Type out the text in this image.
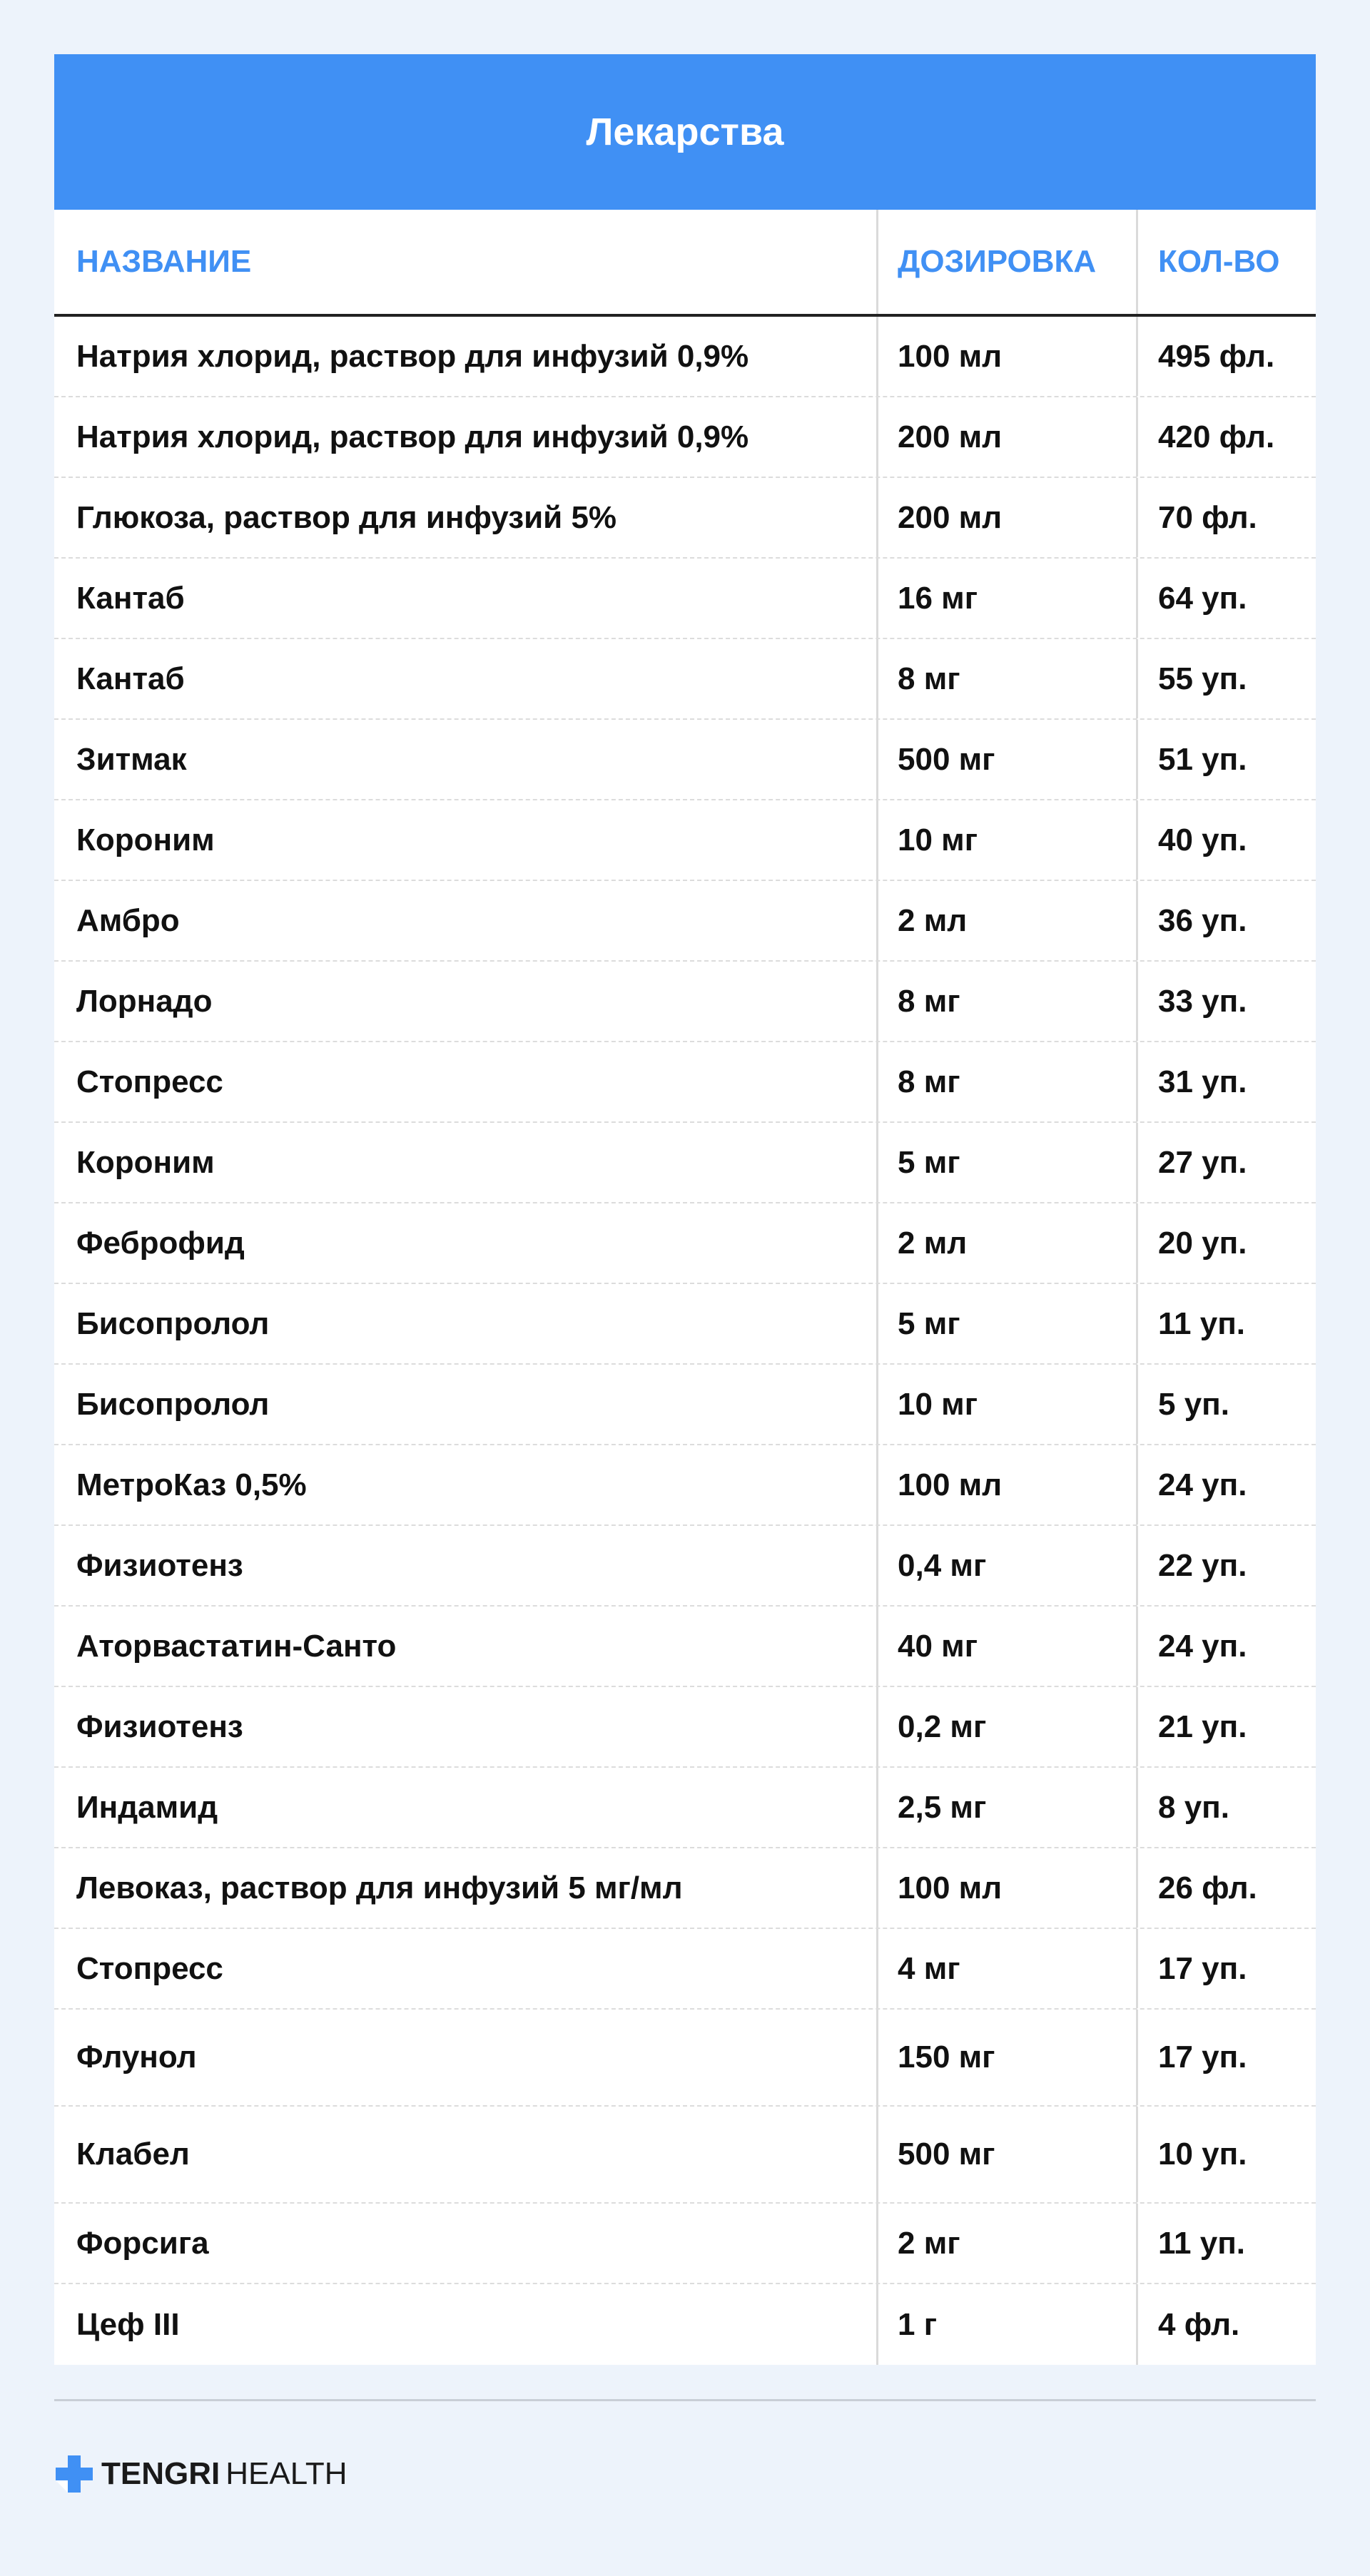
Лекарства
НАЗВАНИЕ	ДОЗИРОВКА	КОЛ-ВО
Натрия хлорид, раствор для инфузий 0,9%	100 мл	495 фл.
Натрия хлорид, раствор для инфузий 0,9%	200 мл	420 фл.
Глюкоза, раствор для инфузий 5%	200 мл	70 фл.
Кантаб	16 мг	64 уп.
Кантаб	8 мг	55 уп.
Зитмак	500 мг	51 уп.
Короним	10 мг	40 уп.
Амбро	2 мл	36 уп.
Лорнадо	8 мг	33 уп.
Стопресс	8 мг	31 уп.
Короним	5 мг	27 уп.
Феброфид	2 мл	20 уп.
Бисопролол	5 мг	11 уп.
Бисопролол	10 мг	5 уп.
МетроКаз 0,5%	100 мл	24 уп.
Физиотенз	0,4 мг	22 уп.
Аторвастатин-Санто	40 мг	24 уп.
Физиотенз	0,2 мг	21 уп.
Индамид	2,5 мг	8 уп.
Левоказ, раствор для инфузий 5 мг/мл	100 мл	26 фл.
Стопресс	4 мг	17 уп.
Флунол	150 мг	17 уп.
Клабел	500 мг	10 уп.
Форсига	2 мг	11 уп.
Цеф III	1 г	4 фл.
TENGRI HEALTH
